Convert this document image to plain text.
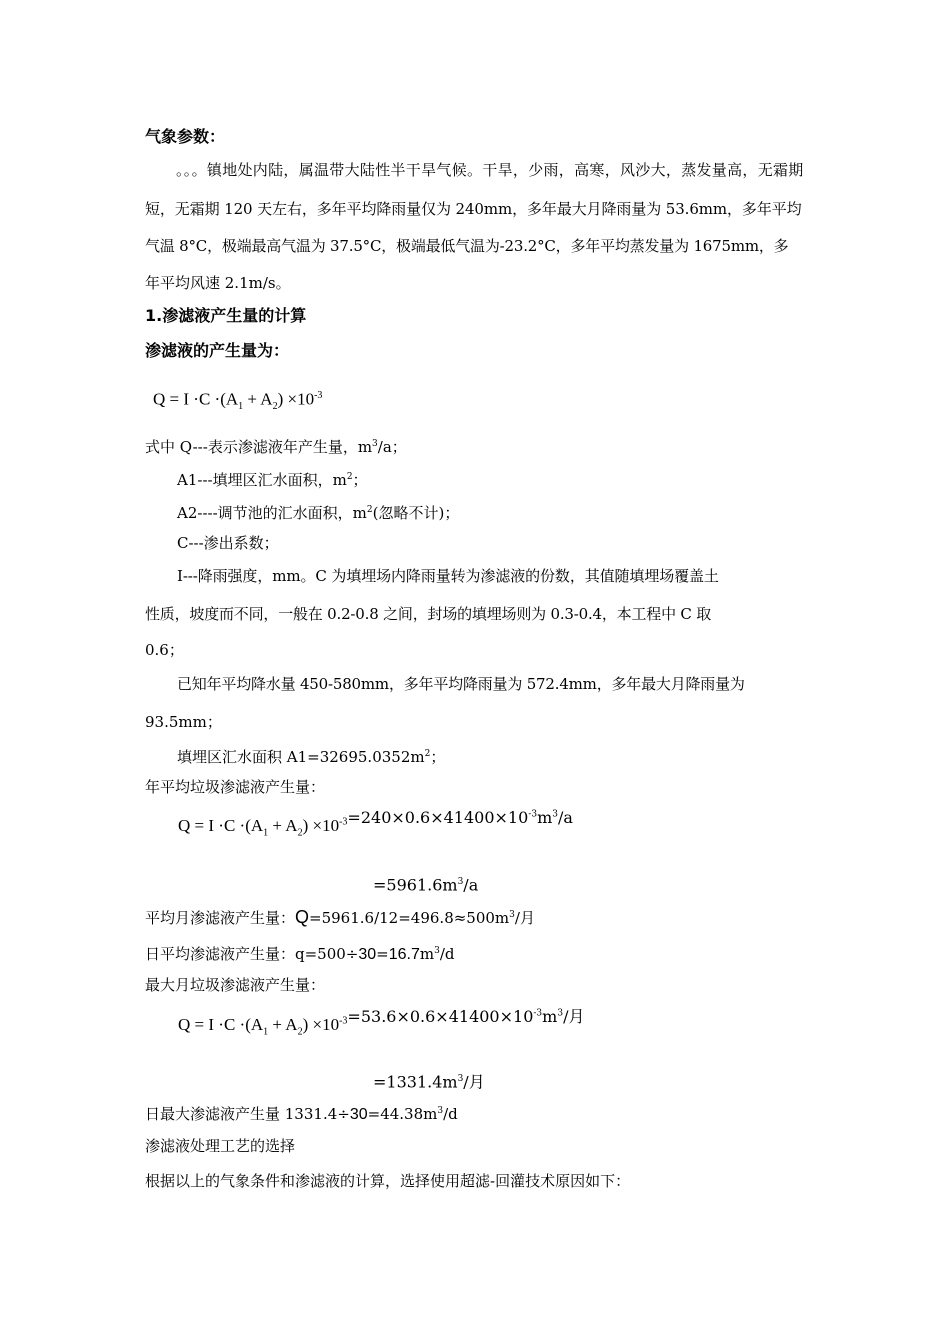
气象参数：
。。。镇地处内陆，属温带大陆性半干旱气候。干旱，少雨，高寒，风沙大，蒸发量高，无霜期
短，无霜期 120 天左右，多年平均降雨量仅为 240mm，多年最大月降雨量为 53.6mm，多年平均
气温 8°C，极端最高气温为 37.5°C，极端最低气温为-23.2°C，多年平均蒸发量为 1675mm，多
年平均风速 2.1m/s。
1.渗滤液产生量的计算
渗滤液的产生量为：
$Q = I \cdot C \cdot(A_1 + A_2) \times 10^{-3}$
式中 Q---表示渗滤液年产生量，$m^3/a$；
A1---填埋区汇水面积，$m^2$；
A2----调节池的汇水面积，$m^2$(忽略不计)；
C---渗出系数；
I---降雨强度，mm。C 为填埋场内降雨量转为渗滤液的份数，其值随填埋场覆盖土
性质，坡度而不同，一般在 0.2-0.8 之间，封场的填埋场则为 0.3-0.4，本工程中 C 取
0.6；
已知年平均降水量 450-580mm，多年平均降雨量为 572.4mm，多年最大月降雨量为
93.5mm；
填埋区汇水面积 $A1=32695.0352m^2$；
年平均垃圾渗滤液产生量：
$Q = I \cdot C \cdot(A_1 + A_2) \times 10^{-3}=240\times 0.6\times 41400\times 10^{-3}m^3/a$
$=5961.6m^3/a$
平均月渗滤液产生量：$Q=5961.6/12=496.8\approx 500m^3/$月
日平均渗滤液产生量：$q=500\div 30=16.7m^3/d$
最大月垃圾渗滤液产生量：
$Q = I \cdot C \cdot(A_1 + A_2) \times 10^{-3}=53.6\times 0.6\times 41400\times 10^{-3}m^3/$月
$=1331.4m^3/$月
日最大渗滤液产生量 $1331.4\div 30=44.38m^3/d$
渗滤液处理工艺的选择
根据以上的气象条件和渗滤液的计算，选择使用超滤-回灌技术原因如下：
